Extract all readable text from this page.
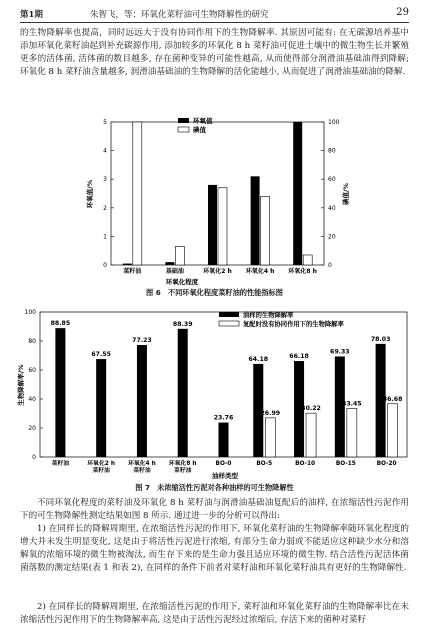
第1期	朱智飞，等：环氧化菜籽油可生物降解性的研究	29

的生物降解率也提高，同时远远大于没有协同作用下的生物降解率. 其原因可能有: 在无碳源培养基中添加环氧化菜籽油起到补充碳源作用, 添加较多的环氧化 8 h 菜籽油可促进土壤中的微生物生长并繁殖更多的活体菌, 活体菌的数目越多, 存在菌种变异的可能性越高, 从而使得部分润滑油基础油得到降解; 环氧化 8 h 菜籽油含量越多, 润滑油基础油的生物降解的活化能越小, 从而促进了润滑油基础油的降解.

0
1
2
3
4
5
0
20
40
60
80
100
菜籽油	基础油	环氧化2 h 环氧化4 h 环氧化8 h
环氧值/%	碘值/%
环氧化程度
环氧值
碘值
图 6　不同环氧化程度菜籽油的性能指标图
88.85
67.55
77.23
88.39
23.76
64.18
26.99
66.18
30.22
69.33
33.45
78.03
36.68
0
20
40
60
80
100
菜籽油	环氧化2 h
菜籽油
环氧化4 h
菜籽油
环氧化8 h
菜籽油
BO-0	BO-5	BO-10	BO-15	BO-20
生物降解率/%
油样类型
油样的生物降解率
复配时没有协同作用下的生物降解率
图 7　未浓缩活性污泥对各种油样的可生物降解性

不同环氧化程度的菜籽油及环氧化 8 h 菜籽油与润滑油基础油复配后的油样, 在浓缩活性污泥作用下的可生物降解性测定结果如图 8 所示. 通过进一步的分析可以得出:

1) 在同样长的降解周期里, 在浓缩活性污泥的作用下, 环氧化菜籽油的生物降解率随环氧化程度的增大并未发生明显变化, 这是由于将活性污泥进行浓缩, 有部分生命力弱或不能适应这种缺少水分和溶解氧的浓缩环境的微生物被淘汰, 而生存下来的是生命力强且适应环境的微生物. 结合活性污泥活体菌菌落数的测定结果(表 1 和表 2), 在同样的条件下前者对菜籽油和环氧化菜籽油具有更好的生物降解性.

2) 在同样长的降解周期里, 在浓缩活性污泥的作用下, 菜籽油和环氧化菜籽油的生物降解率比在未浓缩活性污泥作用下的生物降解率高, 这是由于活性污泥经过浓缩后, 存活下来的菌种对菜籽
